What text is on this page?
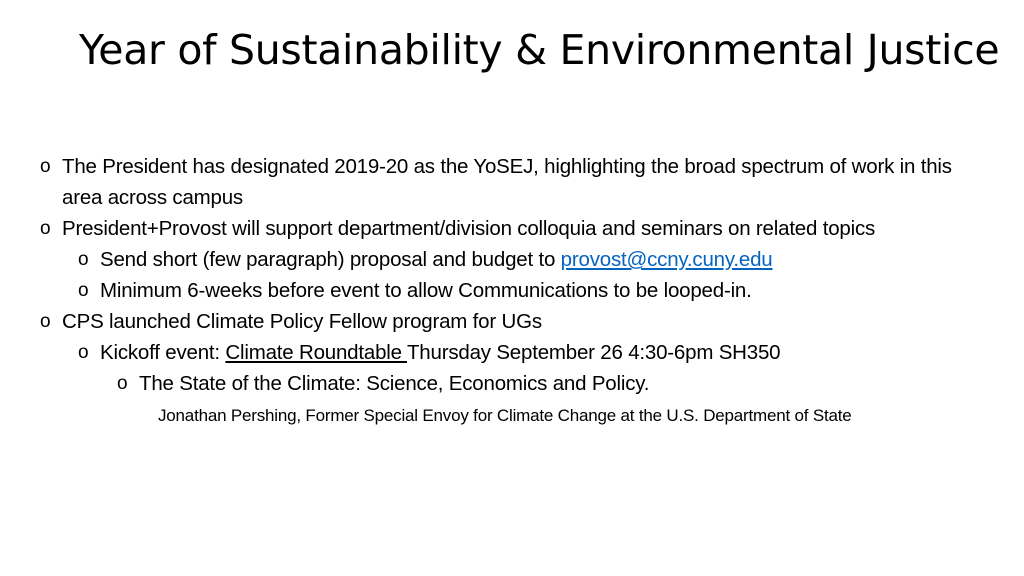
Year of Sustainability & Environmental Justice
o The President has designated 2019-20 as the YoSEJ, highlighting the broad spectrum of work in this area across campus
o President+Provost will support department/division colloquia and seminars on related topics
o Send short (few paragraph) proposal and budget to provost@ccny.cuny.edu
o Minimum 6-weeks before event to allow Communications to be looped-in.
o CPS launched Climate Policy Fellow program for UGs
o Kickoff event: Climate Roundtable Thursday September 26 4:30-6pm SH350
o The State of the Climate: Science, Economics and Policy.
Jonathan Pershing, Former Special Envoy for Climate Change at the U.S. Department of State
